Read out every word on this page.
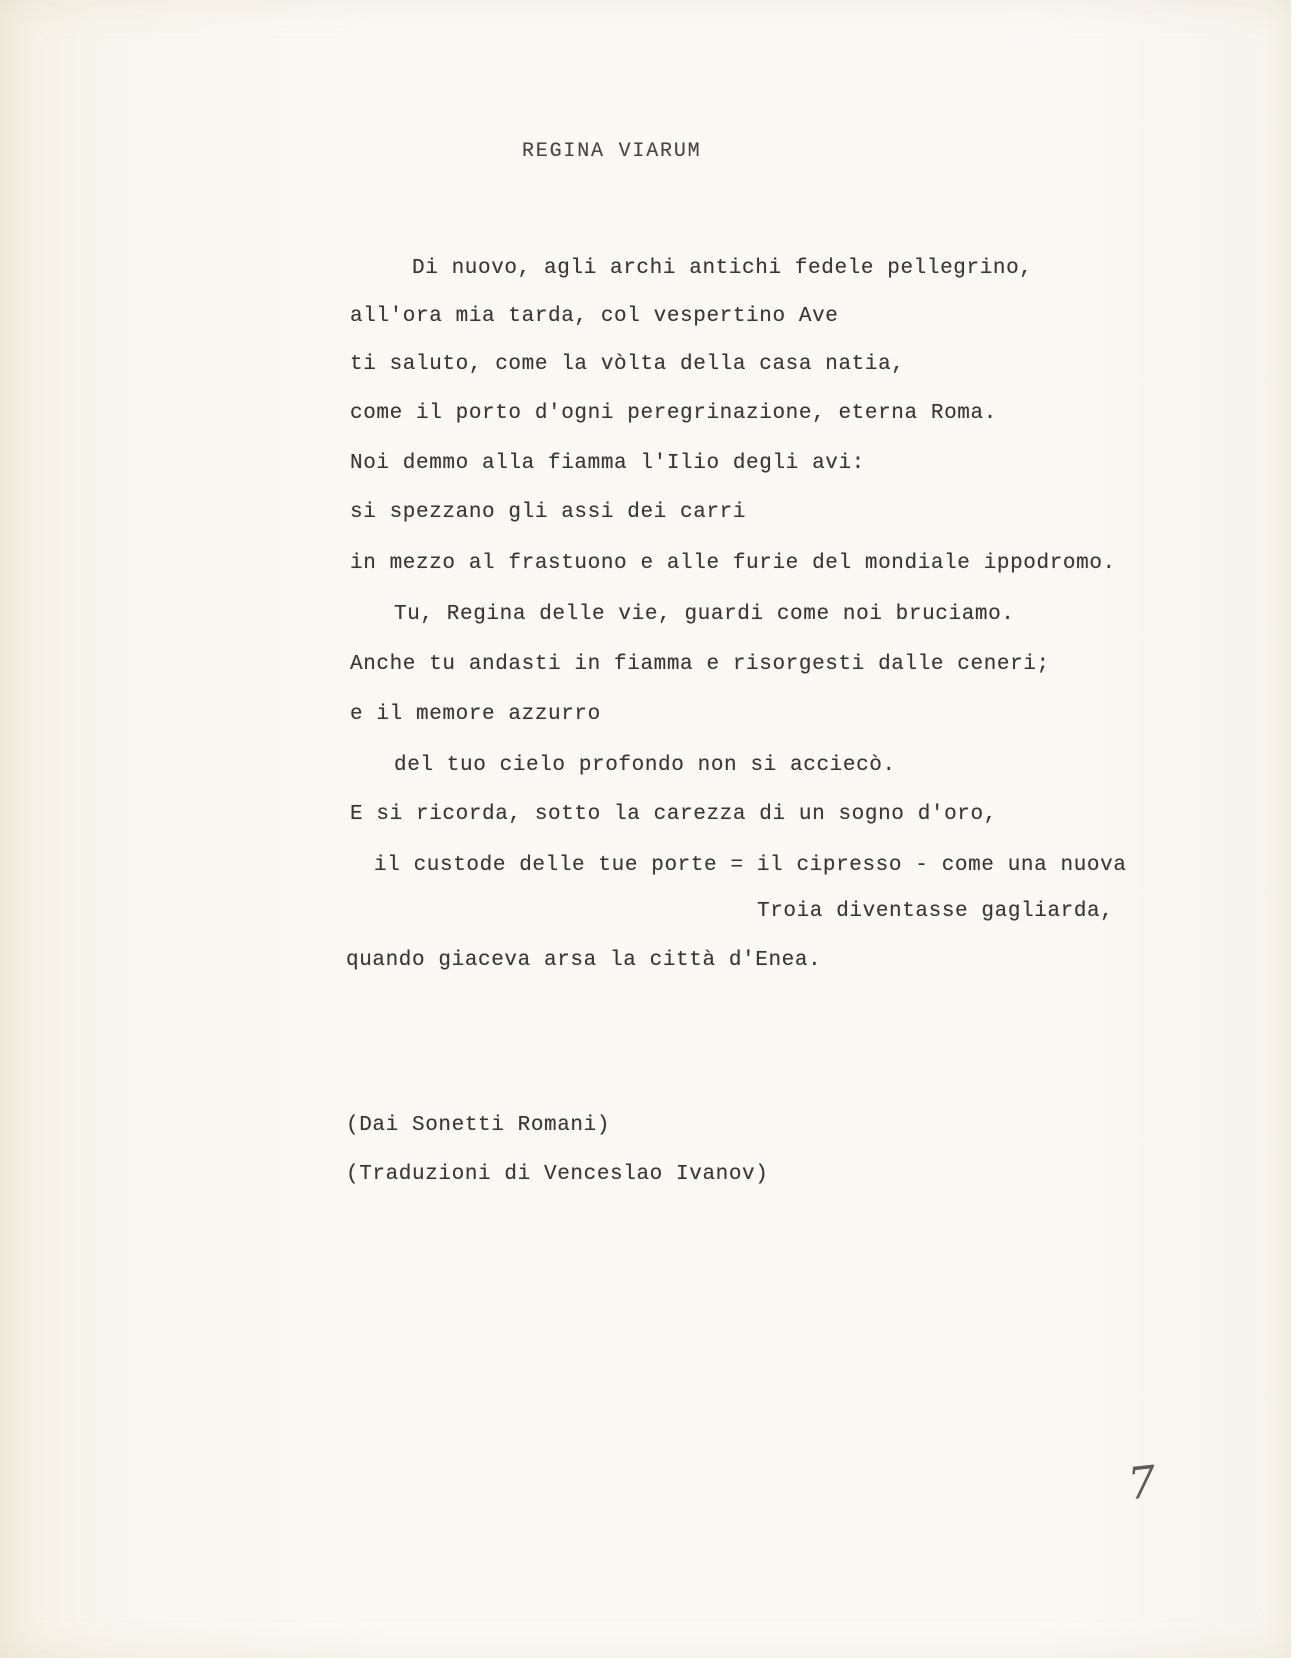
REGINA VIARUM
Di nuovo, agli archi antichi fedele pellegrino,
all'ora mia tarda, col vespertino Ave
ti saluto, come la vòlta della casa natia,
come il porto d'ogni peregrinazione, eterna Roma.
Noi demmo alla fiamma l'Ilio degli avi:
si spezzano gli assi dei carri
in mezzo al frastuono e alle furie del mondiale ippodromo.
Tu, Regina delle vie, guardi come noi bruciamo.
Anche tu andasti in fiamma e risorgesti dalle ceneri;
e il memore azzurro
del tuo cielo profondo non si acciecò.
E si ricorda, sotto la carezza di un sogno d'oro,
il custode delle tue porte = il cipresso - come una nuova
Troia diventasse gagliarda,
quando giaceva arsa la città d'Enea.
(Dai Sonetti Romani)
(Traduzioni di Venceslao Ivanov)
7
